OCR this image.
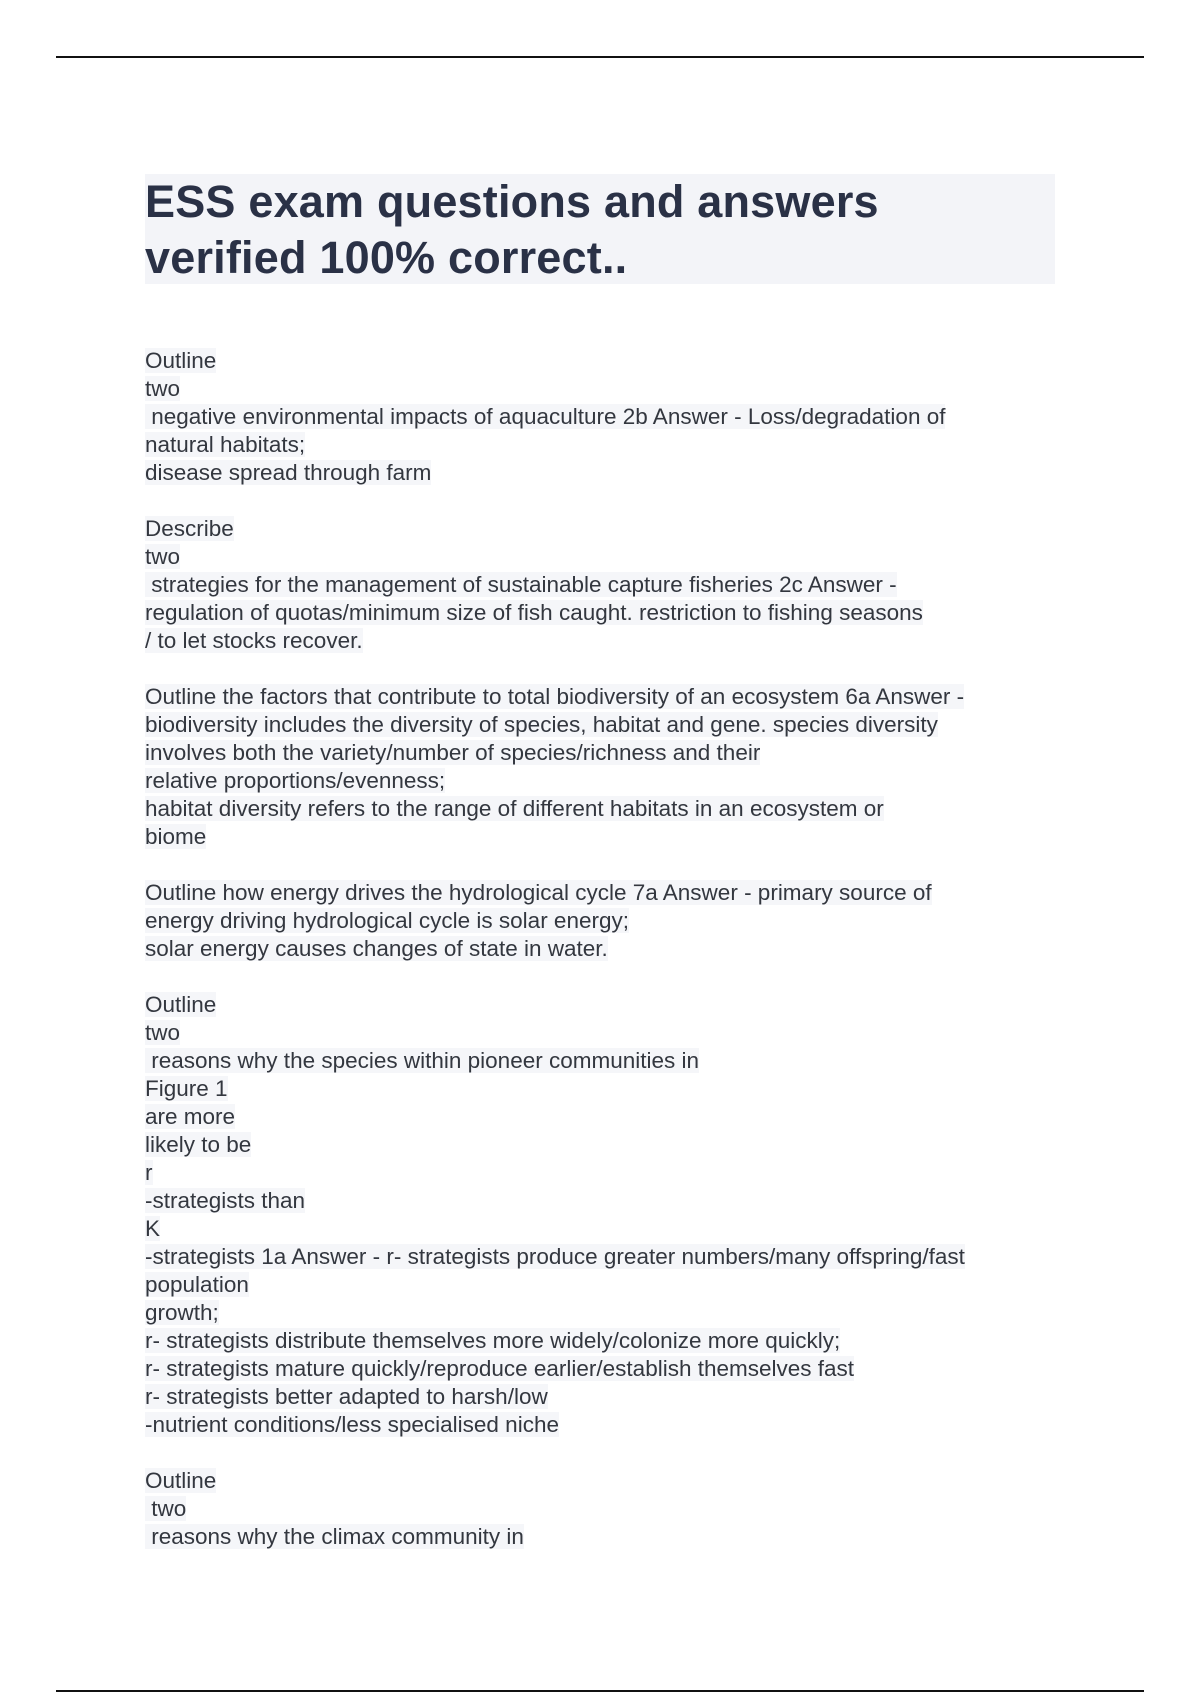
ESS exam questions and answers
verified 100% correct..
Outline
two
negative environmental impacts of aquaculture 2b Answer - Loss/degradation of
natural habitats;
disease spread through farm
Describe
two
strategies for the management of sustainable capture fisheries 2c Answer -
regulation of quotas/minimum size of fish caught. restriction to fishing seasons
/ to let stocks recover.
Outline the factors that contribute to total biodiversity of an ecosystem 6a Answer -
biodiversity includes the diversity of species, habitat and gene. species diversity
involves both the variety/number of species/richness and their
relative proportions/evenness;
habitat diversity refers to the range of different habitats in an ecosystem or
biome
Outline how energy drives the hydrological cycle 7a Answer - primary source of
energy driving hydrological cycle is solar energy;
solar energy causes changes of state in water.
Outline
two
reasons why the species within pioneer communities in
Figure 1
are more
likely to be
r
-strategists than
K
-strategists 1a Answer - r- strategists produce greater numbers/many offspring/fast
population
growth;
r- strategists distribute themselves more widely/colonize more quickly;
r- strategists mature quickly/reproduce earlier/establish themselves fast
r- strategists better adapted to harsh/low
-nutrient conditions/less specialised niche
Outline
two
reasons why the climax community in
